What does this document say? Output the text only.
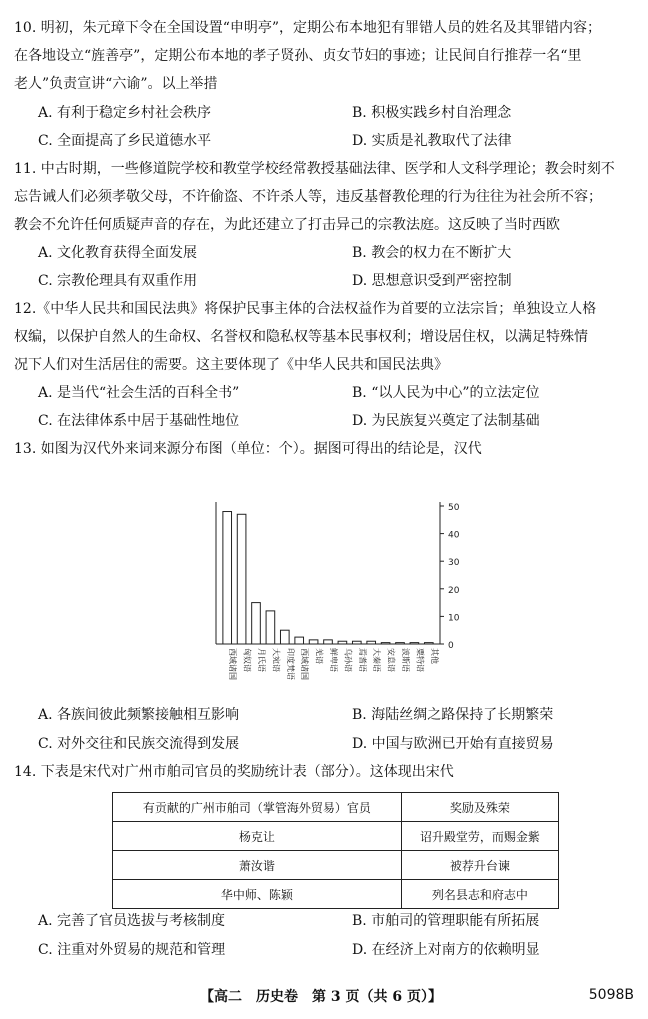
10. 明初，朱元璋下令在全国设置“申明亭”，定期公布本地犯有罪错人员的姓名及其罪错内容；
在各地设立“旌善亭”，定期公布本地的孝子贤孙、贞女节妇的事迹；让民间自行推荐一名“里
老人”负责宣讲“六谕”。以上举措
A. 有利于稳定乡村社会秩序	B. 积极实践乡村自治理念
C. 全面提高了乡民道德水平	D. 实质是礼教取代了法律
11. 中古时期，一些修道院学校和教堂学校经常教授基础法律、医学和人文科学理论；教会时刻不
忘告诫人们必须孝敬父母，不许偷盗、不许杀人等，违反基督教伦理的行为往往为社会所不容；
教会不允许任何质疑声音的存在，为此还建立了打击异己的宗教法庭。这反映了当时西欧
A. 文化教育获得全面发展	B. 教会的权力在不断扩大
C. 宗教伦理具有双重作用	D. 思想意识受到严密控制
12.《中华人民共和国民法典》将保护民事主体的合法权益作为首要的立法宗旨；单独设立人格
权编，以保护自然人的生命权、名誉权和隐私权等基本民事权利；增设居住权，以满足特殊情
况下人们对生活居住的需要。这主要体现了《中华人民共和国民法典》
A. 是当代“社会生活的百科全书”	B. “以人民为中心”的立法定位
C. 在法律体系中居于基础性地位	D. 为民族复兴奠定了法制基础
13. 如图为汉代外来词来源分布图（单位：个）。据图可得出的结论是，汉代
0
10
20
30
40
50
西域诸国 匈奴语 月氏语 大宛语 印度梵语 西域诸国 羌语 鲜卑语 乌孙语 焉耆语 大秦语 安息语 波斯语 粟特语 其他
A. 各族间彼此频繁接触相互影响	B. 海陆丝绸之路保持了长期繁荣
C. 对外交往和民族交流得到发展	D. 中国与欧洲已开始有直接贸易
14. 下表是宋代对广州市舶司官员的奖励统计表（部分）。这体现出宋代
有贡献的广州市舶司（掌管海外贸易）官员	奖励及殊荣
杨克让	诏升殿堂劳，而赐金紫
萧汝谐	被荐升台谏
华中师、陈颖	列名县志和府志中
A. 完善了官员选拔与考核制度	B. 市舶司的管理职能有所拓展
C. 注重对外贸易的规范和管理	D. 在经济上对南方的依赖明显
【高二　历史卷　第 3 页（共 6 页）】	5098B
